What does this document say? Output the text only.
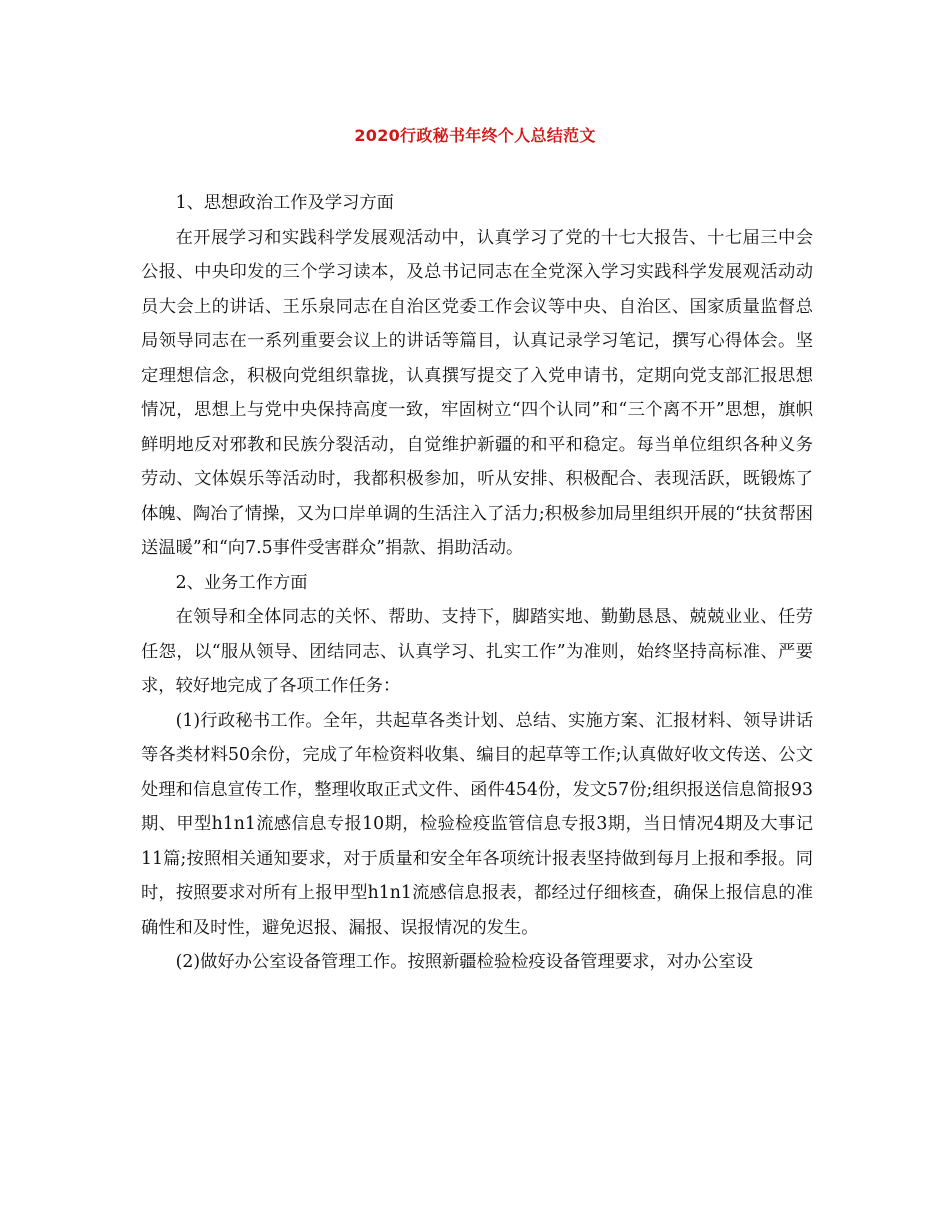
2020行政秘书年终个人总结范文

1、思想政治工作及学习方面

在开展学习和实践科学发展观活动中，认真学习了党的十七大报告、十七届三中会公报、中央印发的三个学习读本，及总书记同志在全党深入学习实践科学发展观活动动员大会上的讲话、王乐泉同志在自治区党委工作会议等中央、自治区、国家质量监督总局领导同志在一系列重要会议上的讲话等篇目，认真记录学习笔记，撰写心得体会。坚定理想信念，积极向党组织靠拢，认真撰写提交了入党申请书，定期向党支部汇报思想情况，思想上与党中央保持高度一致，牢固树立“四个认同”和“三个离不开”思想，旗帜鲜明地反对邪教和民族分裂活动，自觉维护新疆的和平和稳定。每当单位组织各种义务劳动、文体娱乐等活动时，我都积极参加，听从安排、积极配合、表现活跃，既锻炼了体魄、陶冶了情操，又为口岸单调的生活注入了活力;积极参加局里组织开展的“扶贫帮困送温暖”和“向7.5事件受害群众”捐款、捐助活动。

2、业务工作方面

在领导和全体同志的关怀、帮助、支持下，脚踏实地、勤勤恳恳、兢兢业业、任劳任怨，以“服从领导、团结同志、认真学习、扎实工作”为准则，始终坚持高标准、严要求，较好地完成了各项工作任务：

(1)行政秘书工作。全年，共起草各类计划、总结、实施方案、汇报材料、领导讲话等各类材料50余份，完成了年检资料收集、编目的起草等工作;认真做好收文传送、公文处理和信息宣传工作，整理收取正式文件、函件454份，发文57份;组织报送信息简报93期、甲型h1n1流感信息专报10期，检验检疫监管信息专报3期，当日情况4期及大事记11篇;按照相关通知要求，对于质量和安全年各项统计报表坚持做到每月上报和季报。同时，按照要求对所有上报甲型h1n1流感信息报表，都经过仔细核查，确保上报信息的准确性和及时性，避免迟报、漏报、误报情况的发生。

(2)做好办公室设备管理工作。按照新疆检验检疫设备管理要求，对办公室设
